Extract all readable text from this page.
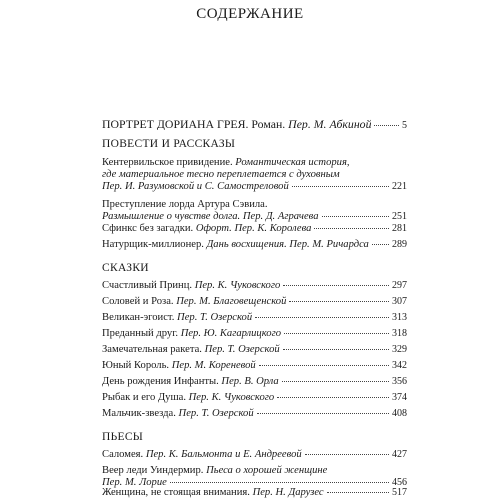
СОДЕРЖАНИЕ
ПОРТРЕТ ДОРИАНА ГРЕЯ. Роман. Пер. М. Абкиной	5
ПОВЕСТИ И РАССКАЗЫ
Кентервильское привидение. Романтическая история,
где материальное тесно переплетается с духовным
Пер. И. Разумовской и С. Самостреловой	221
Преступление лорда Артура Сэвила.
Размышление о чувстве долга. Пер. Д. Аграчева	251
Сфинкс без загадки. Офорт. Пер. К. Королева	281
Натурщик-миллионер. Дань восхищения. Пер. М. Ричардса 289
СКАЗКИ
Счастливый Принц. Пер. К. Чуковского	297
Соловей и Роза. Пер. М. Благовещенской	307
Великан-эгоист. Пер. Т. Озерской	313
Преданный друг. Пер. Ю. Кагарлицкого	318
Замечательная ракета. Пер. Т. Озерской	329
Юный Король. Пер. М. Кореневой	342
День рождения Инфанты. Пер. В. Орла	356
Рыбак и его Душа. Пер. К. Чуковского	374
Мальчик-звезда. Пер. Т. Озерской	408
ПЬЕСЫ
Саломея. Пер. К. Бальмонта и Е. Андреевой	427
Веер леди Уиндермир. Пьеса о хорошей женщине
Пер. М. Лорие	456
Женщина, не стоящая внимания. Пер. Н. Дарузес	517
